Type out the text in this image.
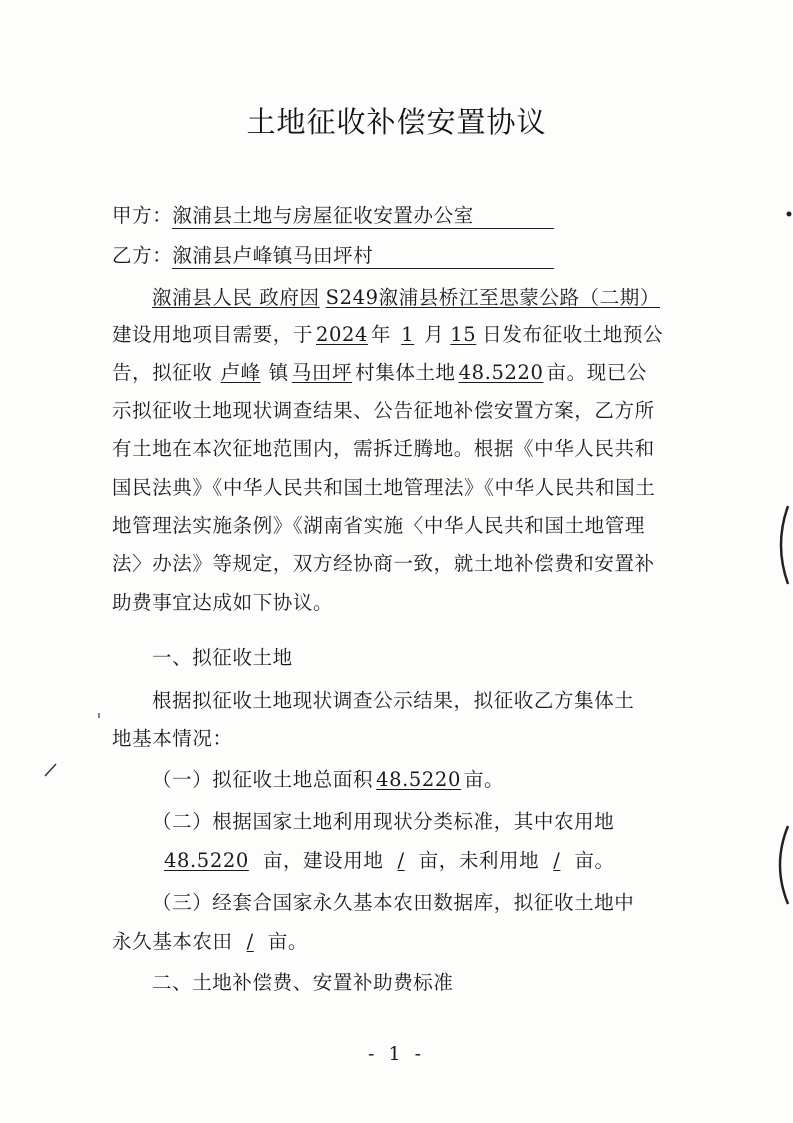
土地征收补偿安置协议
甲方：溆浦县土地与房屋征收安置办公室
乙方：溆浦县卢峰镇马田坪村
溆浦县人民 政府因 S249溆浦县桥江至思蒙公路（二期）
建设用地项目需要，于 2024 年 1 月 15 日发布征收土地预公
告，拟征收 卢峰 镇 马田坪 村集体土地 48.5220 亩。现已公
示拟征收土地现状调查结果、公告征地补偿安置方案，乙方所
有土地在本次征地范围内，需拆迁腾地。根据《中华人民共和
国民法典》《中华人民共和国土地管理法》《中华人民共和国土
地管理法实施条例》《湖南省实施〈中华人民共和国土地管理
法〉办法》等规定，双方经协商一致，就土地补偿费和安置补
助费事宜达成如下协议。
一、拟征收土地
根据拟征收土地现状调查公示结果，拟征收乙方集体土
地基本情况：
（一）拟征收土地总面积 48.5220 亩。
（二）根据国家土地利用现状分类标准，其中农用地
48.5220 亩，建设用地 / 亩，未利用地 / 亩。
（三）经套合国家永久基本农田数据库，拟征收土地中
永久基本农田 / 亩。
二、土地补偿费、安置补助费标准
- 1 -
